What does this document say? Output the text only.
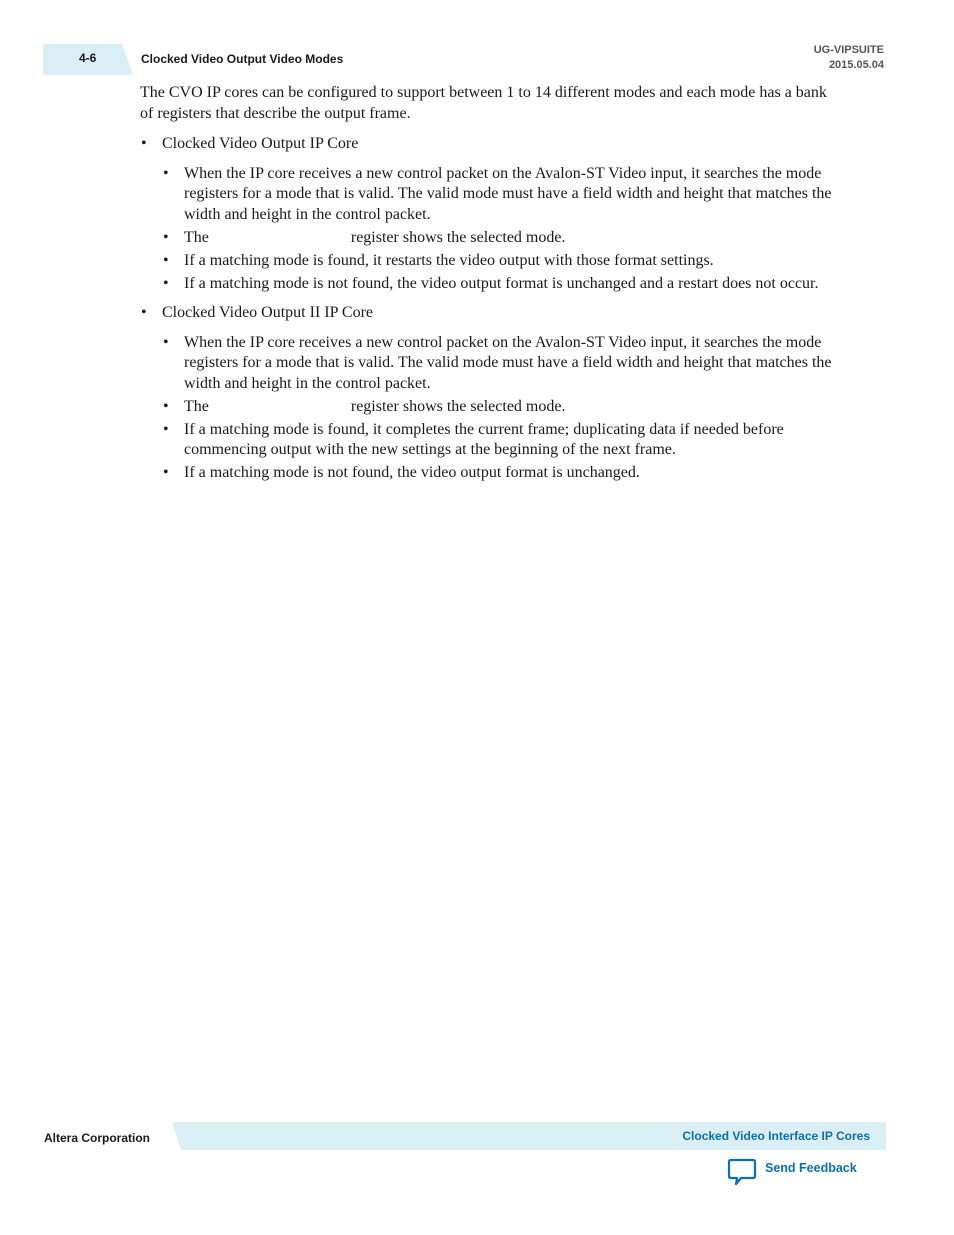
4-6	Clocked Video Output Video Modes
UG-VIPSUITE
2015.05.04

The CVO IP cores can be configured to support between 1 to 14 different modes and each mode has a bank of registers that describe the output frame.

• Clocked Video Output IP Core
• When the IP core receives a new control packet on the Avalon-ST Video input, it searches the mode registers for a mode that is valid. The valid mode must have a field width and height that matches the width and height in the control packet.
• The	register shows the selected mode.
• If a matching mode is found, it restarts the video output with those format settings.
• If a matching mode is not found, the video output format is unchanged and a restart does not occur.
• Clocked Video Output II IP Core
• When the IP core receives a new control packet on the Avalon-ST Video input, it searches the mode registers for a mode that is valid. The valid mode must have a field width and height that matches the width and height in the control packet.
• The	register shows the selected mode.
• If a matching mode is found, it completes the current frame; duplicating data if needed before commencing output with the new settings at the beginning of the next frame.
• If a matching mode is not found, the video output format is unchanged.
Altera Corporation	Clocked Video Interface IP Cores
Send Feedback
